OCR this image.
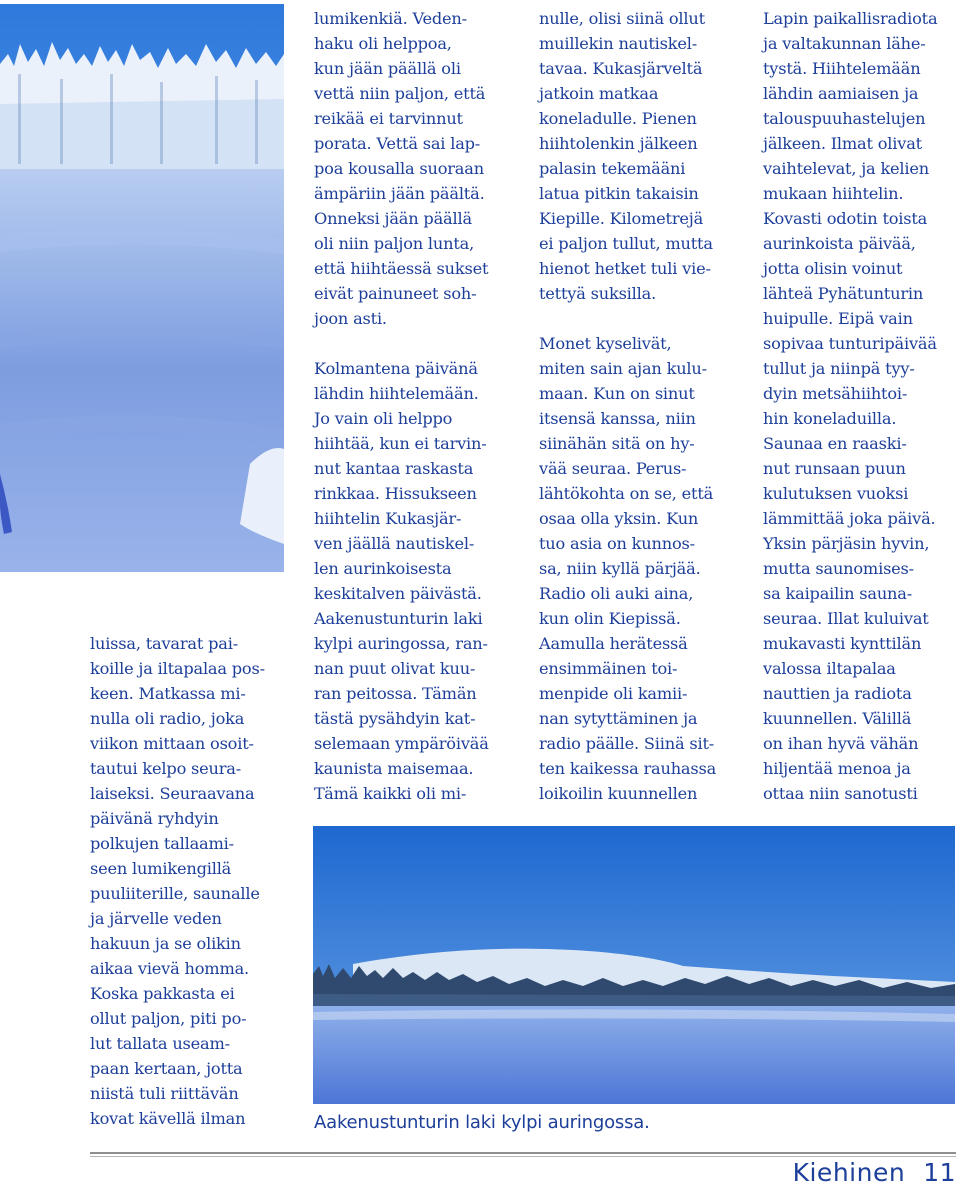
luissa, tavarat pai-
koille ja iltapalaa pos-
keen. Matkassa mi-
nulla oli radio, joka
viikon mittaan osoit-
tautui kelpo seura-
laiseksi. Seuraavana
päivänä ryhdyin
polkujen tallaami-
seen lumikengillä
puuliiterille, saunalle
ja järvelle veden
hakuun ja se olikin
aikaa vievä homma.
Koska pakkasta ei
ollut paljon, piti po-
lut tallata useam-
paan kertaan, jotta
niistä tuli riittävän
kovat kävellä ilman
lumikenkiä. Veden-
haku oli helppoa,
kun jään päällä oli
vettä niin paljon, että
reikää ei tarvinnut
porata. Vettä sai lap-
poa kousalla suoraan
ämpäriin jään päältä.
Onneksi jään päällä
oli niin paljon lunta,
että hiihtäessä sukset
eivät painuneet soh-
joon asti.
Kolmantena päivänä
lähdin hiihtelemään.
Jo vain oli helppo
hiihtää, kun ei tarvin-
nut kantaa raskasta
rinkkaa. Hissukseen
hiihtelin Kukasjär-
ven jäällä nautiskel-
len aurinkoisesta
keskitalven päivästä.
Aakenustunturin laki
kylpi auringossa, ran-
nan puut olivat kuu-
ran peitossa. Tämän
tästä pysähdyin kat-
selemaan ympäröivää
kaunista maisemaa.
Tämä kaikki oli mi-
nulle, olisi siinä ollut
muillekin nautiskel-
tavaa. Kukasjärveltä
jatkoin matkaa
koneladulle. Pienen
hiihtolenkin jälkeen
palasin tekemääni
latua pitkin takaisin
Kiepille. Kilometrejä
ei paljon tullut, mutta
hienot hetket tuli vie-
tettyä suksilla.
Monet kyselivät,
miten sain ajan kulu-
maan. Kun on sinut
itsensä kanssa, niin
siinähän sitä on hy-
vää seuraa. Perus-
lähtökohta on se, että
osaa olla yksin. Kun
tuo asia on kunnos-
sa, niin kyllä pärjää.
Radio oli auki aina,
kun olin Kiepissä.
Aamulla herätessä
ensimmäinen toi-
menpide oli kamii-
nan sytyttäminen ja
radio päälle. Siinä sit-
ten kaikessa rauhassa
loikoilin kuunnellen
Lapin paikallisradiota
ja valtakunnan lähe-
tystä. Hiihtelemään
lähdin aamiaisen ja
talouspuuhastelujen
jälkeen. Ilmat olivat
vaihtelevat, ja kelien
mukaan hiihtelin.
Kovasti odotin toista
aurinkoista päivää,
jotta olisin voinut
lähteä Pyhätunturin
huipulle. Eipä vain
sopivaa tunturipäivää
tullut ja niinpä tyy-
dyin metsähiihtoi-
hin koneladuilla.
Saunaa en raaski-
nut runsaan puun
kulutuksen vuoksi
lämmittää joka päivä.
Yksin pärjäsin hyvin,
mutta saunomises-
sa kaipailin sauna-
seuraa. Illat kuluivat
mukavasti kynttilän
valossa iltapalaa
nauttien ja radiota
kuunnellen. Välillä
on ihan hyvä vähän
hiljentää menoa ja
ottaa niin sanotusti
Aakenustunturin laki kylpi auringossa.
Kiehinen 11
